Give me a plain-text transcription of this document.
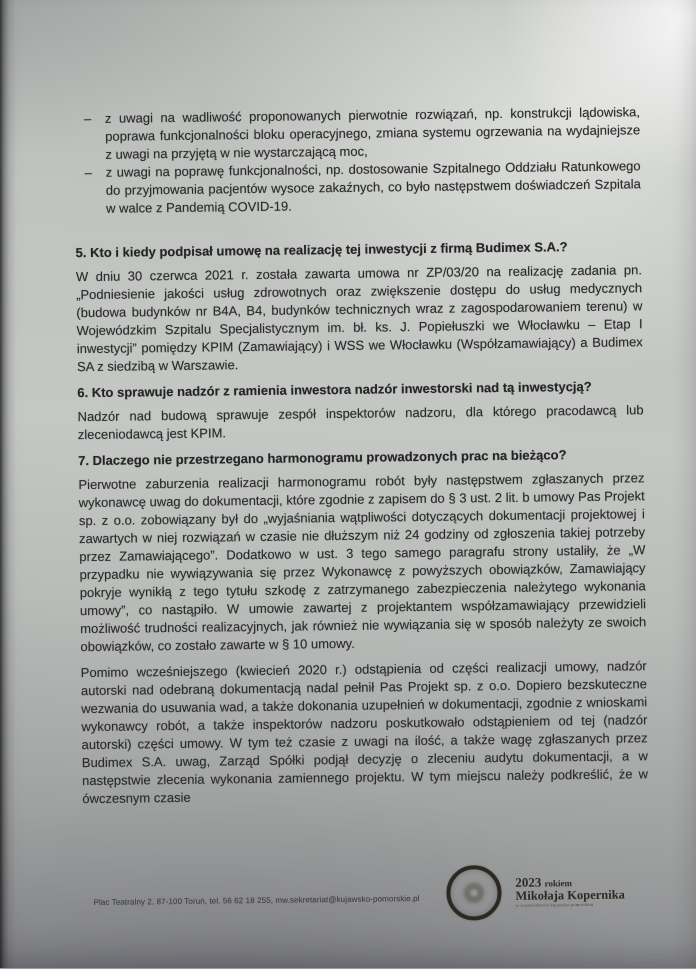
– z uwagi na wadliwość proponowanych pierwotnie rozwiązań, np. konstrukcji lądowiska, poprawa funkcjonalności bloku operacyjnego, zmiana systemu ogrzewania na wydajniejsze z uwagi na przyjętą w nie wystarczającą moc,
– z uwagi na poprawę funkcjonalności, np. dostosowanie Szpitalnego Oddziału Ratunkowego do przyjmowania pacjentów wysoce zakaźnych, co było następstwem doświadczeń Szpitala w walce z Pandemią COVID-19.
5. Kto i kiedy podpisał umowę na realizację tej inwestycji z firmą Budimex S.A.?

W dniu 30 czerwca 2021 r. została zawarta umowa nr ZP/03/20 na realizację zadania pn. „Podniesienie jakości usług zdrowotnych oraz zwiększenie dostępu do usług medycznych (budowa budynków nr B4A, B4, budynków technicznych wraz z zagospodarowaniem terenu) w Wojewódzkim Szpitalu Specjalistycznym im. bł. ks. J. Popiełuszki we Włocławku – Etap I inwestycji” pomiędzy KPIM (Zamawiający) i WSS we Włocławku (Współzamawiający) a Budimex SA z siedzibą w Warszawie.

6. Kto sprawuje nadzór z ramienia inwestora nadzór inwestorski nad tą inwestycją?

Nadzór nad budową sprawuje zespół inspektorów nadzoru, dla którego pracodawcą lub zleceniodawcą jest KPIM.

7. Dlaczego nie przestrzegano harmonogramu prowadzonych prac na bieżąco?

Pierwotne zaburzenia realizacji harmonogramu robót były następstwem zgłaszanych przez wykonawcę uwag do dokumentacji, które zgodnie z zapisem do § 3 ust. 2 lit. b umowy Pas Projekt sp. z o.o. zobowiązany był do „wyjaśniania wątpliwości dotyczących dokumentacji projektowej i zawartych w niej rozwiązań w czasie nie dłuższym niż 24 godziny od zgłoszenia takiej potrzeby przez Zamawiającego”. Dodatkowo w ust. 3 tego samego paragrafu strony ustaliły, że „W przypadku nie wywiązywania się przez Wykonawcę z powyższych obowiązków, Zamawiający pokryje wynikłą z tego tytułu szkodę z zatrzymanego zabezpieczenia należytego wykonania umowy”, co nastąpiło. W umowie zawartej z projektantem współzamawiający przewidzieli możliwość trudności realizacyjnych, jak również nie wywiązania się w sposób należyty ze swoich obowiązków, co zostało zawarte w § 10 umowy.

Pomimo wcześniejszego (kwiecień 2020 r.) odstąpienia od części realizacji umowy, nadzór autorski nad odebraną dokumentacją nadal pełnił Pas Projekt sp. z o.o. Dopiero bezskuteczne wezwania do usuwania wad, a także dokonania uzupełnień w dokumentacji, zgodnie z wnioskami wykonawcy robót, a także inspektorów nadzoru poskutkowało odstąpieniem od tej (nadzór autorski) części umowy. W tym też czasie z uwagi na ilość, a także wagę zgłaszanych przez Budimex S.A. uwag, Zarząd Spółki podjął decyzję o zleceniu audytu dokumentacji, a w następstwie zlecenia wykonania zamiennego projektu. W tym miejscu należy podkreślić, że w ówczesnym czasie

Plac Teatralny 2, 87-100 Toruń, tel. 56 62 18 255, mw.sekretariat@kujawsko-pomorskie.pl
2023 rokiem
Mikołaja Kopernika
w województwie kujawsko-pomorskim
